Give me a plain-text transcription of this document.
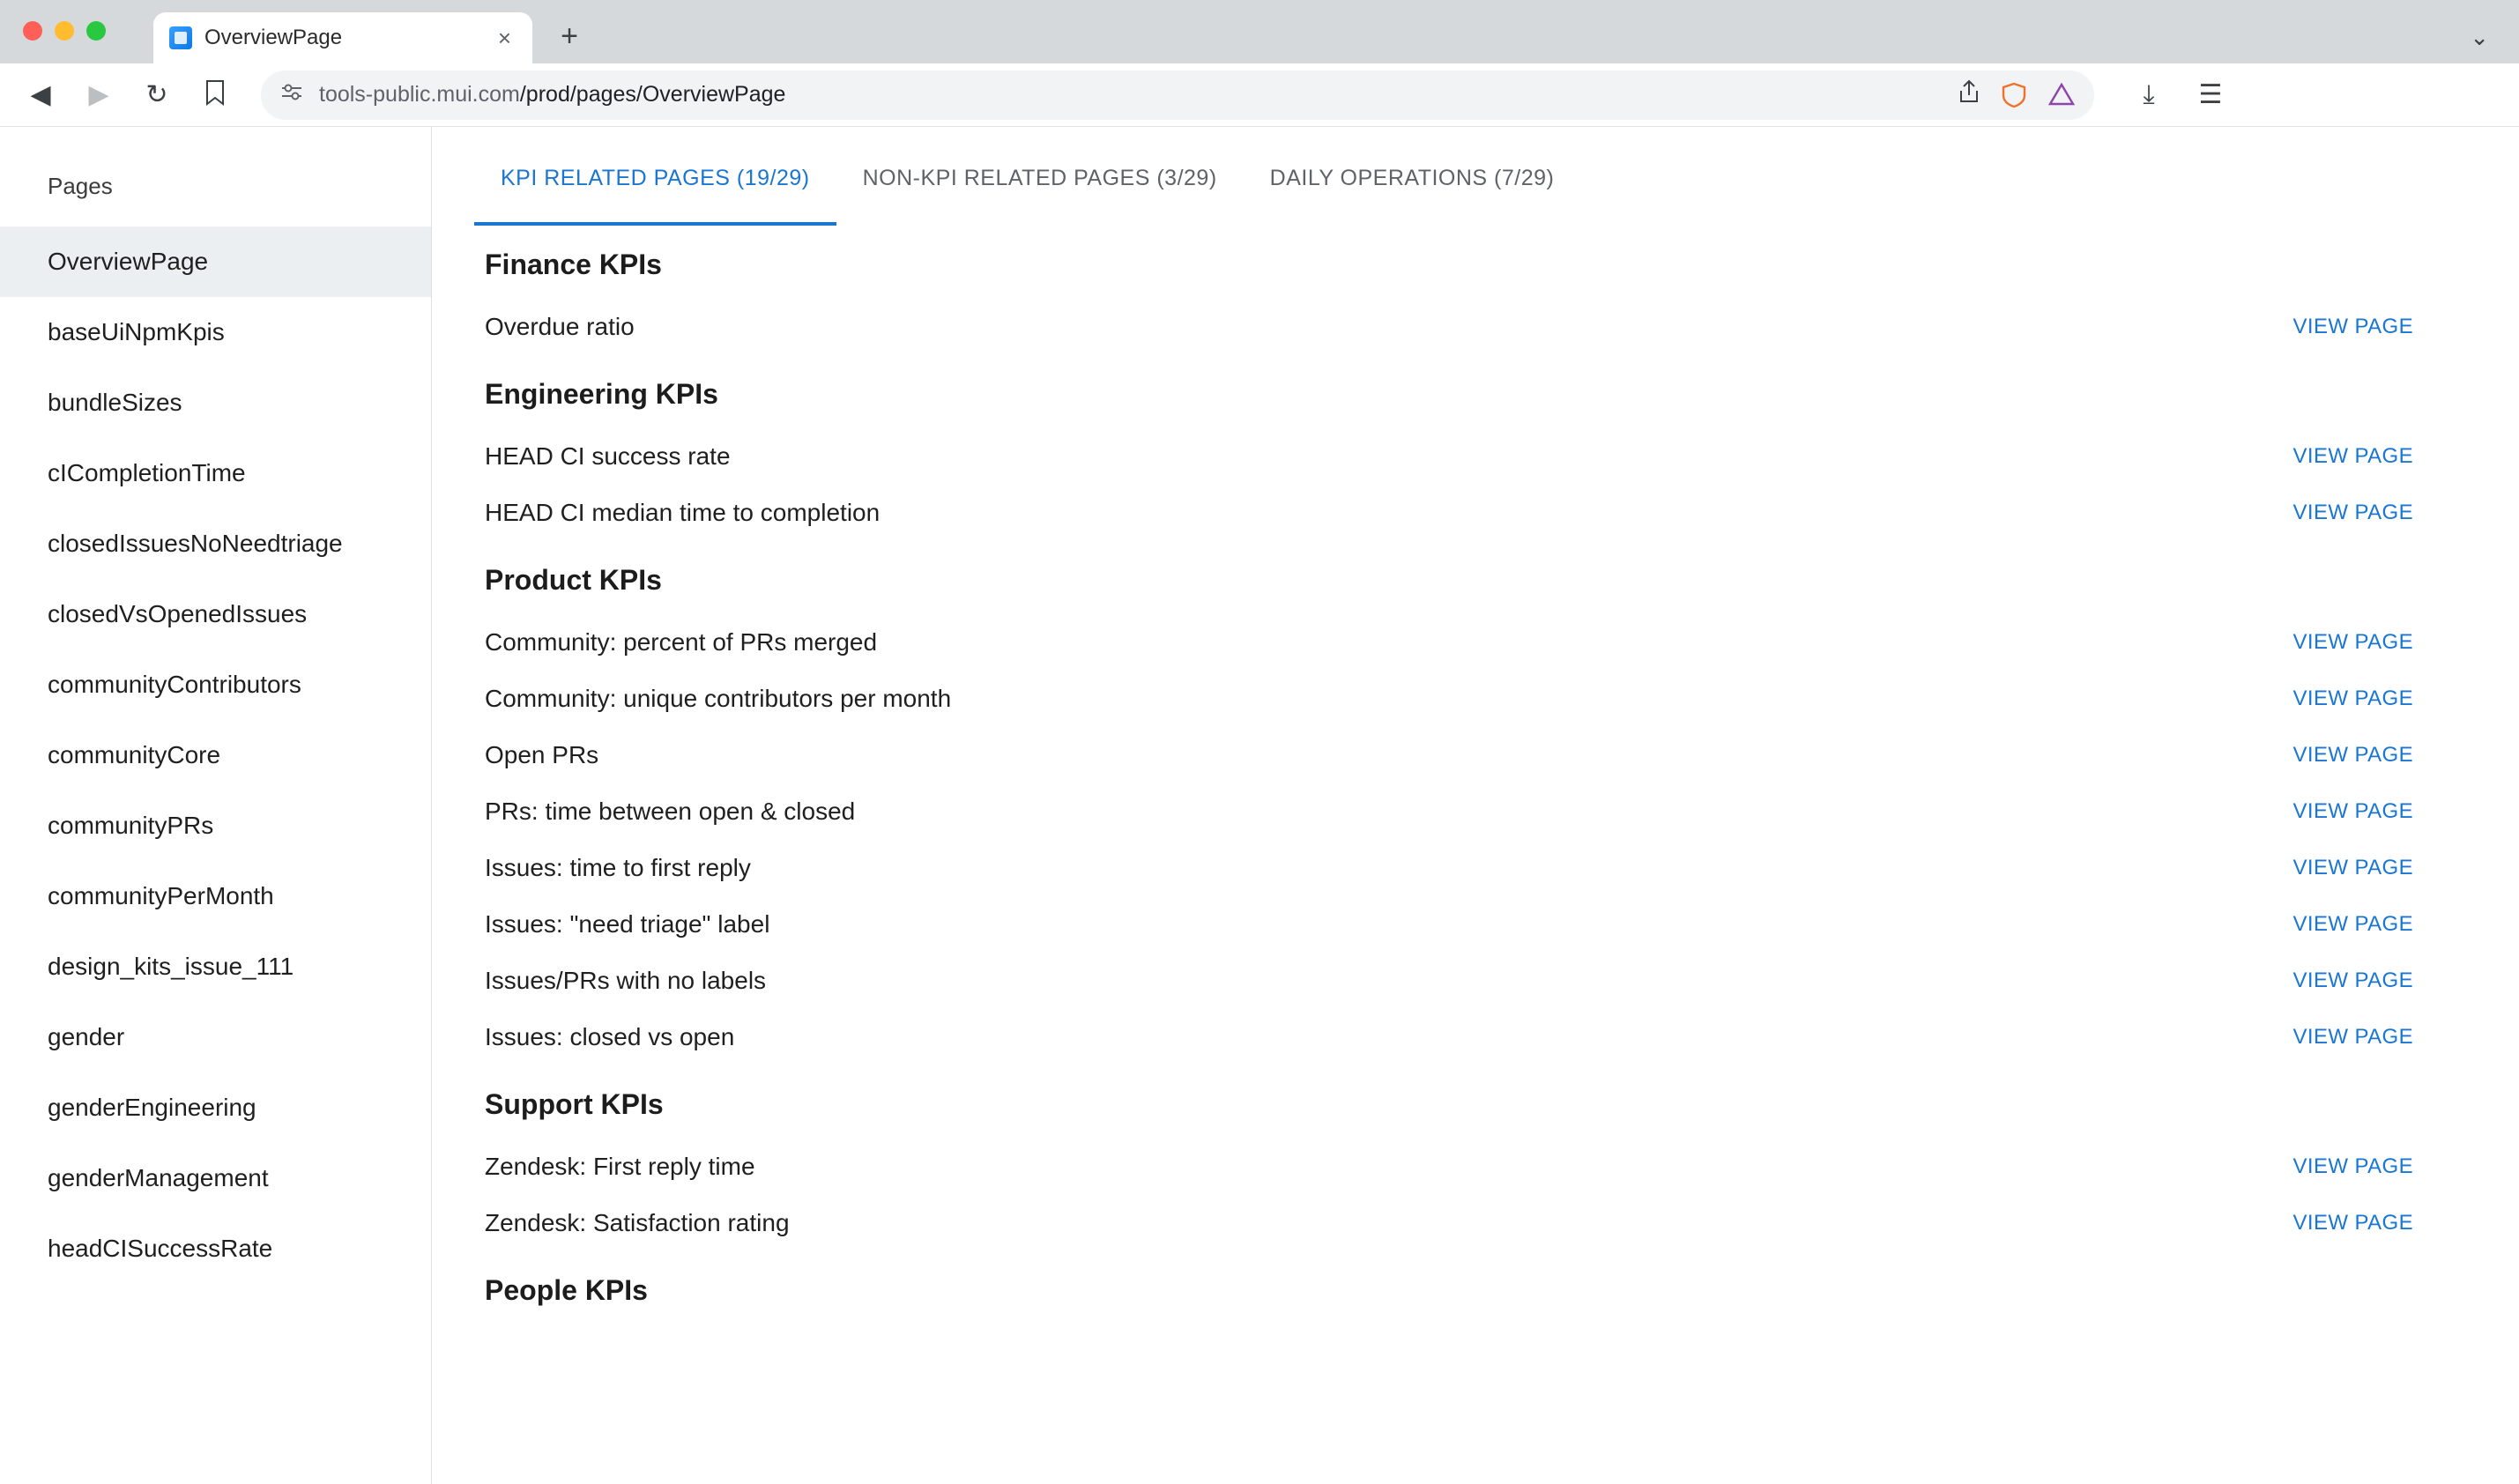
OverviewPage	× +	⌄
◀ ▶ ↻	tools-public.mui.com/prod/pages/OverviewPage	⤓	☰
Pages
OverviewPage
baseUiNpmKpis
bundleSizes
cICompletionTime
closedIssuesNoNeedtriage
closedVsOpenedIssues
communityContributors
communityCore
communityPRs
communityPerMonth
design_kits_issue_111
gender
genderEngineering
genderManagement
headCISuccessRate
KPI RELATED PAGES (19/29)	NON-KPI RELATED PAGES (3/29)	DAILY OPERATIONS (7/29)
Finance KPIs
Overdue ratio	VIEW PAGE
Engineering KPIs
HEAD CI success rate	VIEW PAGE
HEAD CI median time to completion	VIEW PAGE
Product KPIs
Community: percent of PRs merged	VIEW PAGE
Community: unique contributors per month	VIEW PAGE
Open PRs	VIEW PAGE
PRs: time between open & closed	VIEW PAGE
Issues: time to first reply	VIEW PAGE
Issues: "need triage" label	VIEW PAGE
Issues/PRs with no labels	VIEW PAGE
Issues: closed vs open	VIEW PAGE
Support KPIs
Zendesk: First reply time	VIEW PAGE
Zendesk: Satisfaction rating	VIEW PAGE
People KPIs
